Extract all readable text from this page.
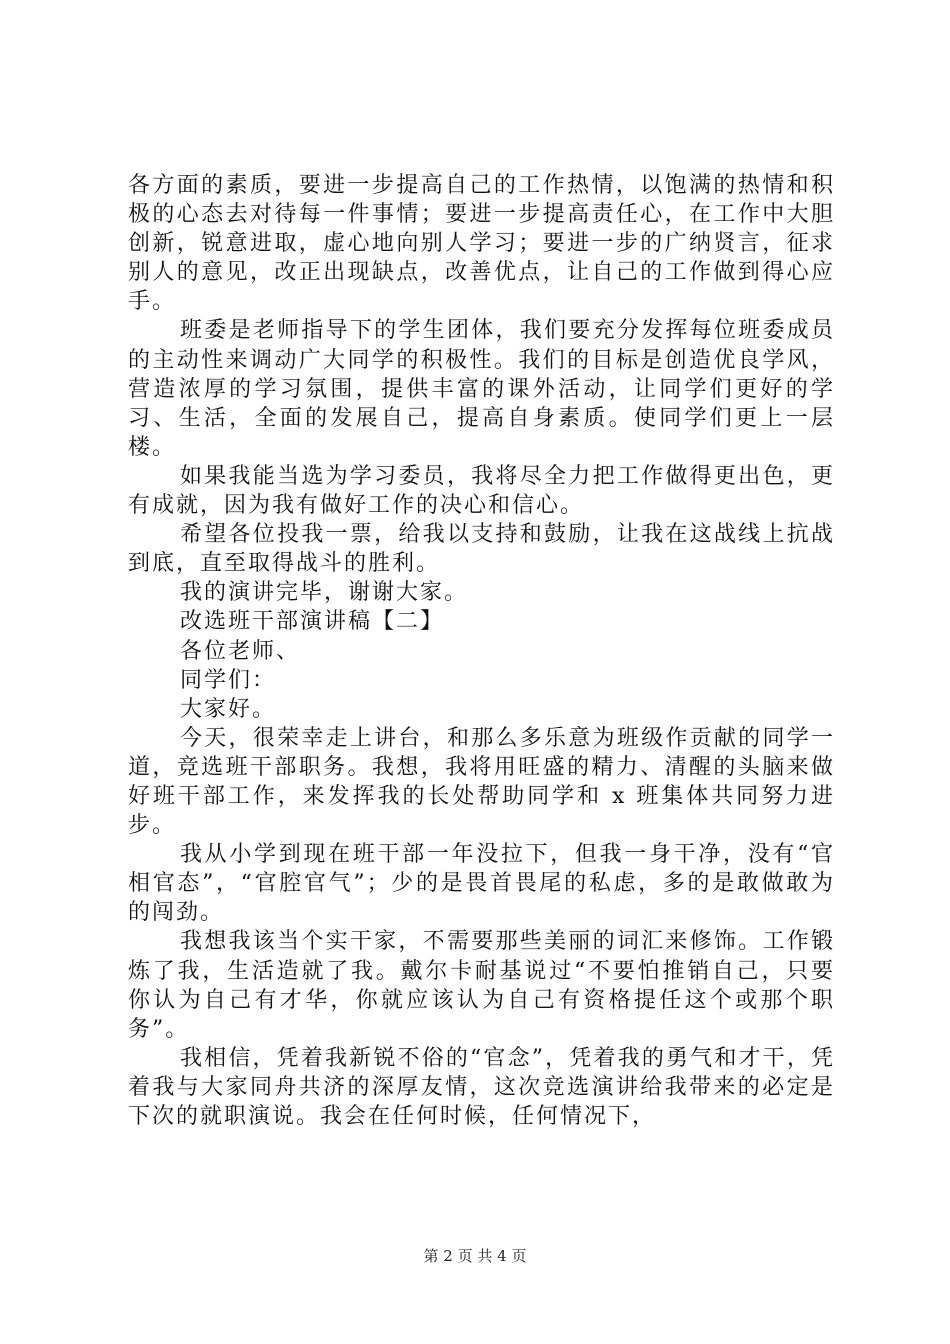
各方面的素质，要进一步提高自己的工作热情，以饱满的热情和积极的心态去对待每一件事情；要进一步提高责任心，在工作中大胆创新，锐意进取，虚心地向别人学习；要进一步的广纳贤言，征求别人的意见，改正出现缺点，改善优点，让自己的工作做到得心应手。

班委是老师指导下的学生团体，我们要充分发挥每位班委成员的主动性来调动广大同学的积极性。我们的目标是创造优良学风，营造浓厚的学习氛围，提供丰富的课外活动，让同学们更好的学习、生活，全面的发展自己，提高自身素质。使同学们更上一层楼。

如果我能当选为学习委员，我将尽全力把工作做得更出色，更有成就，因为我有做好工作的决心和信心。

希望各位投我一票，给我以支持和鼓励，让我在这战线上抗战到底，直至取得战斗的胜利。

我的演讲完毕，谢谢大家。

改选班干部演讲稿【二】

各位老师、

同学们：

大家好。

今天，很荣幸走上讲台，和那么多乐意为班级作贡献的同学一道，竞选班干部职务。我想，我将用旺盛的精力、清醒的头脑来做好班干部工作，来发挥我的长处帮助同学和 x 班集体共同努力进步。

我从小学到现在班干部一年没拉下，但我一身干净，没有“官相官态”，“官腔官气”；少的是畏首畏尾的私虑，多的是敢做敢为的闯劲。

我想我该当个实干家，不需要那些美丽的词汇来修饰。工作锻炼了我，生活造就了我。戴尔卡耐基说过“不要怕推销自己，只要你认为自己有才华，你就应该认为自己有资格提任这个或那个职务”。

我相信，凭着我新锐不俗的“官念”，凭着我的勇气和才干，凭着我与大家同舟共济的深厚友情，这次竞选演讲给我带来的必定是下次的就职演说。我会在任何时候，任何情况下，

第 2 页 共 4 页
